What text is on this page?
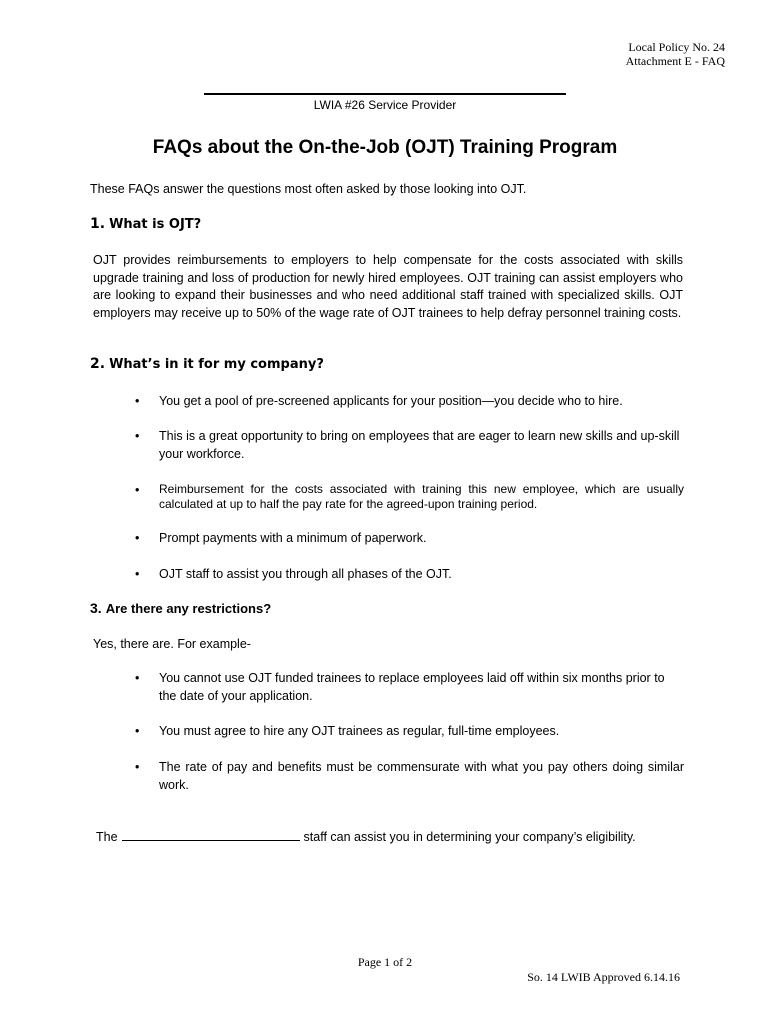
Local Policy No. 24
Attachment E - FAQ
LWIA #26 Service Provider
FAQs about the On-the-Job (OJT) Training Program
These FAQs answer the questions most often asked by those looking into OJT.
1. What is OJT?
OJT provides reimbursements to employers to help compensate for the costs associated with skills upgrade training and loss of production for newly hired employees. OJT training can assist employers who are looking to expand their businesses and who need additional staff trained with specialized skills. OJT employers may receive up to 50% of the wage rate of OJT trainees to help defray personnel training costs.
2. What’s in it for my company?
•	You get a pool of pre-screened applicants for your position—you decide who to hire.
•	This is a great opportunity to bring on employees that are eager to learn new skills and up-skill your workforce.
•	Reimbursement for the costs associated with training this new employee, which are usually calculated at up to half the pay rate for the agreed-upon training period.
•	Prompt payments with a minimum of paperwork.
•	OJT staff to assist you through all phases of the OJT.
3. Are there any restrictions?
Yes, there are. For example-
•	You cannot use OJT funded trainees to replace employees laid off within six months prior to the date of your application.
•	You must agree to hire any OJT trainees as regular, full-time employees.
•	The rate of pay and benefits must be commensurate with what you pay others doing similar work.
The	staff can assist you in determining your company’s eligibility.
Page 1 of 2
So. 14 LWIB Approved 6.14.16
